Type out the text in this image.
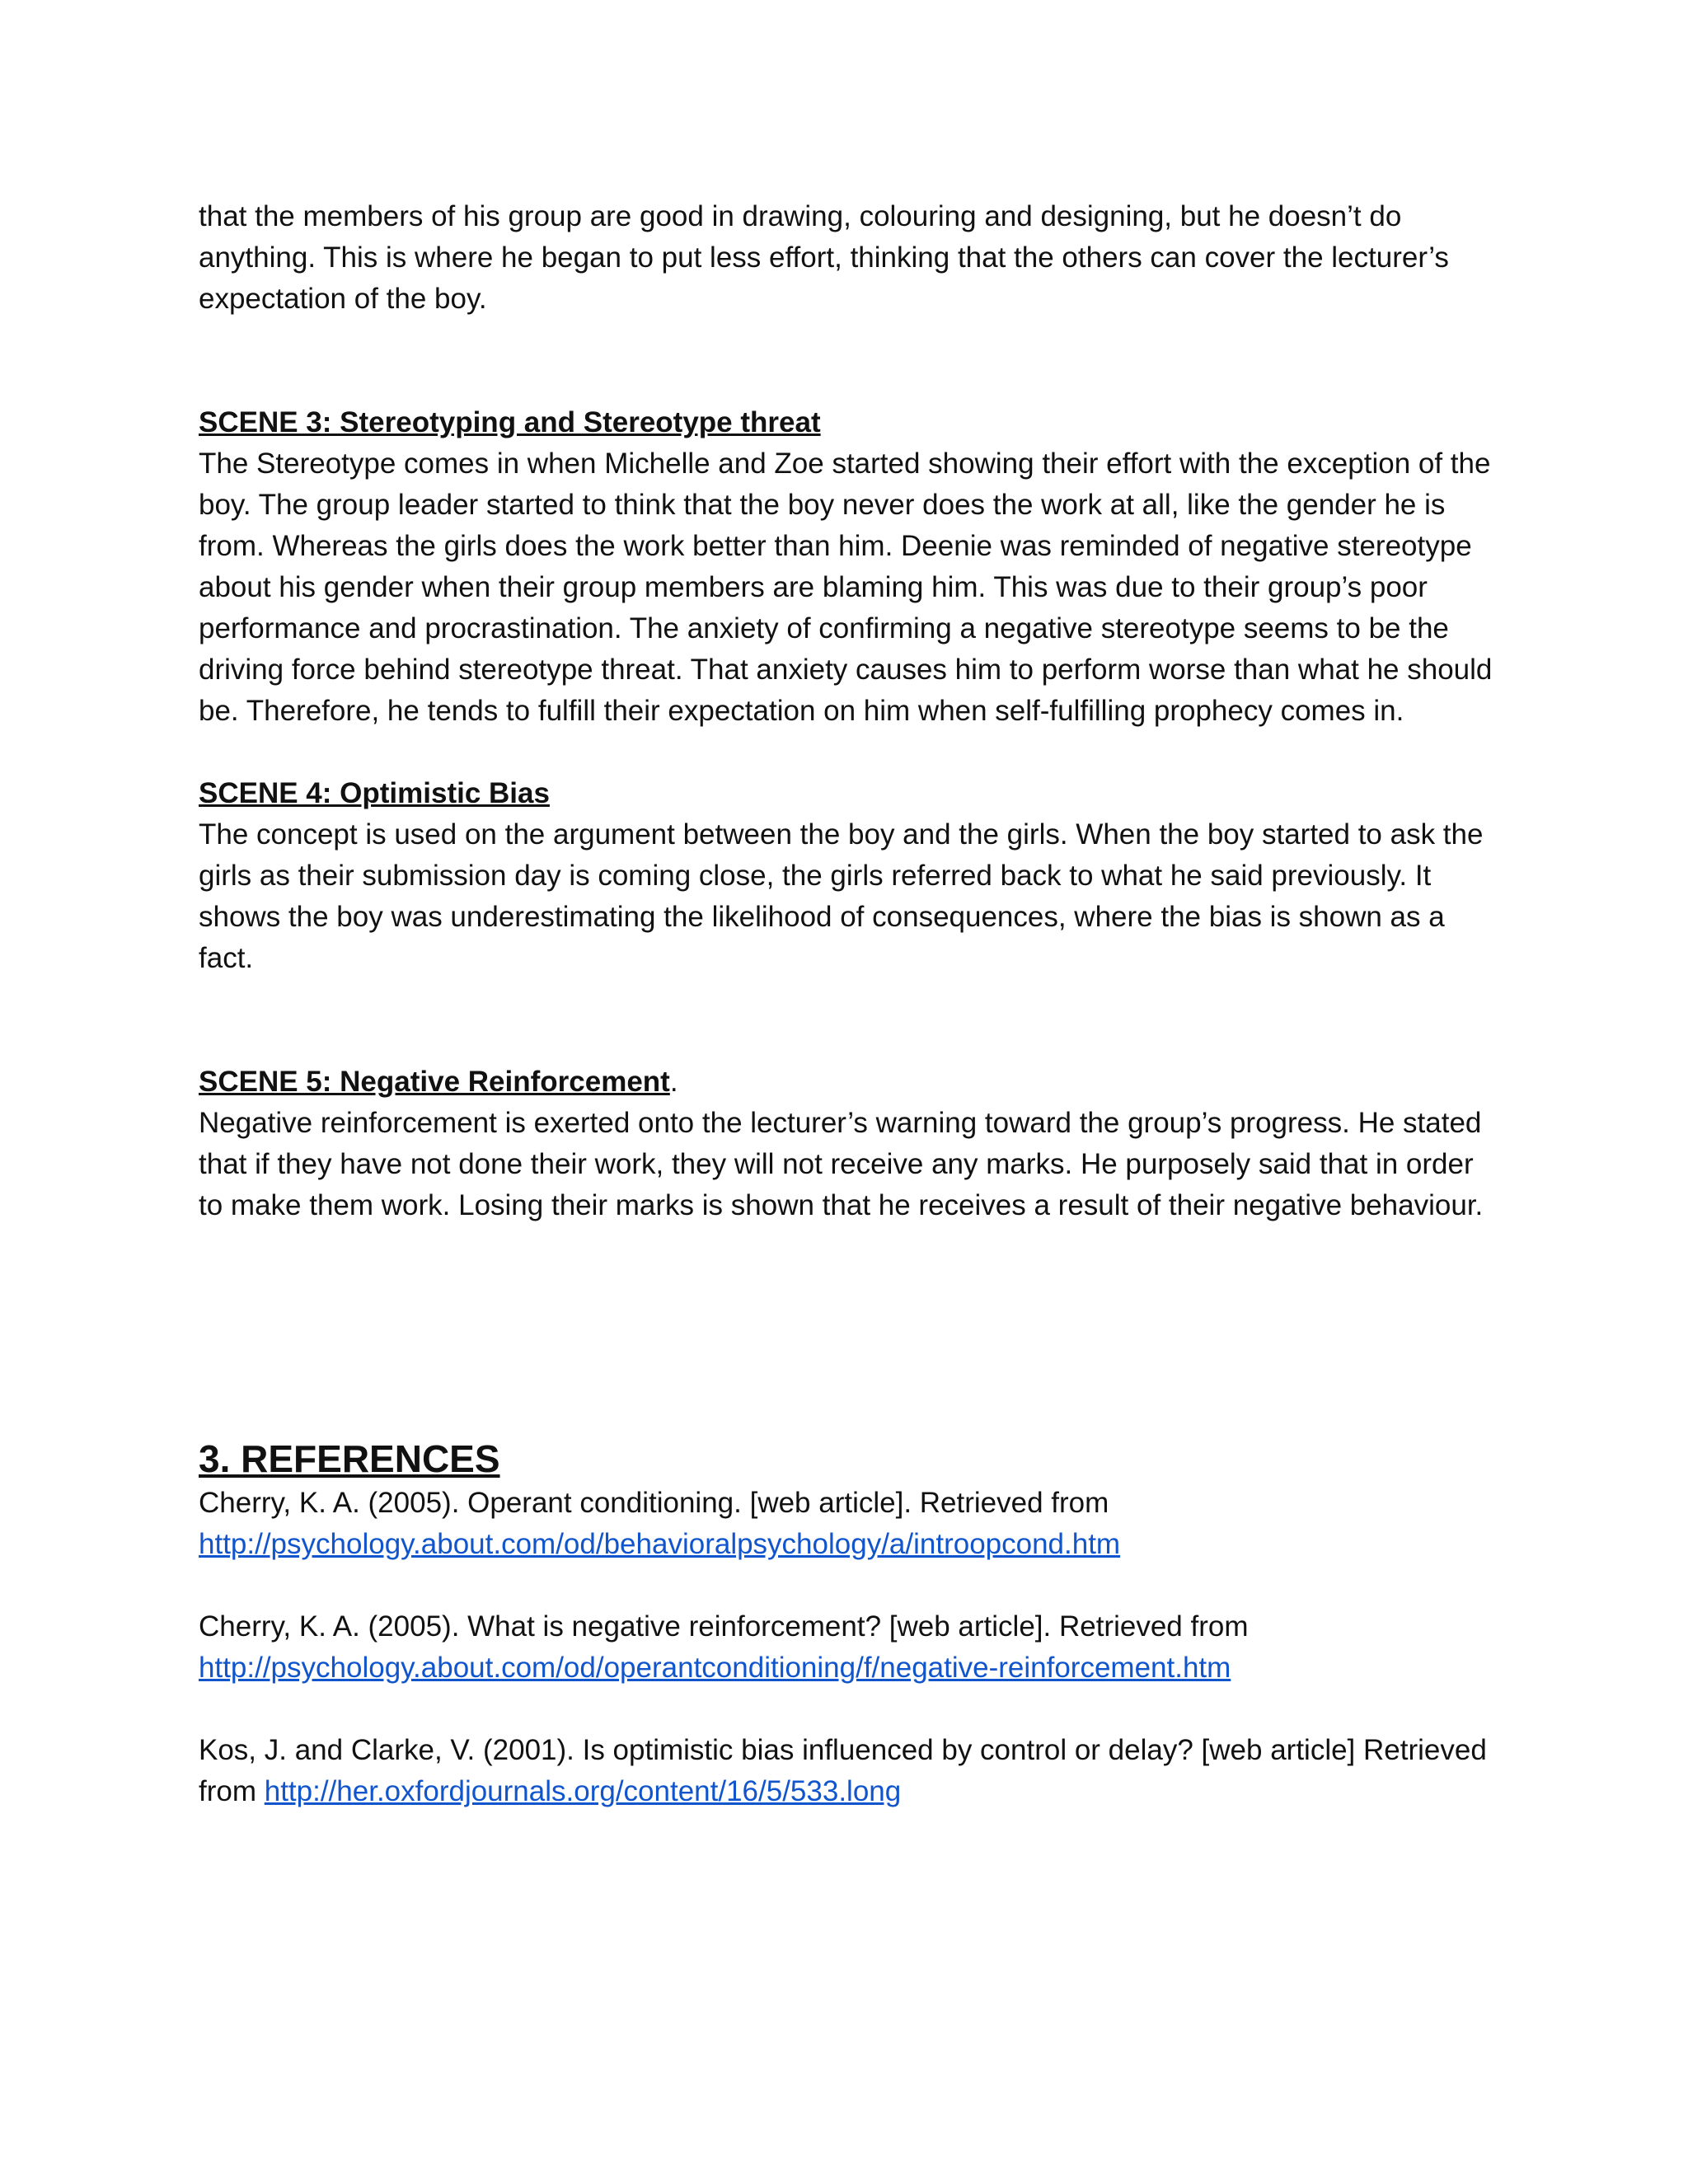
that the members of his group are good in drawing, colouring and designing, but he doesn’t do anything. This is where he began to put less effort, thinking that the others can cover the lecturer’s expectation of the boy.

SCENE 3: Stereotyping and Stereotype threat

The Stereotype comes in when Michelle and Zoe started showing their effort with the exception of the boy. The group leader started to think that the boy never does the work at all, like the gender he is from. Whereas the girls does the work better than him. Deenie was reminded of negative stereotype about his gender when their group members are blaming him. This was due to their group’s poor performance and procrastination. The anxiety of confirming a negative stereotype seems to be the driving force behind stereotype threat. That anxiety causes him to perform worse than what he should be. Therefore, he tends to fulfill their expectation on him when self-fulfilling prophecy comes in.

SCENE 4: Optimistic Bias

The concept is used on the argument between the boy and the girls. When the boy started to ask the girls as their submission day is coming close, the girls referred back to what he said previously. It shows the boy was underestimating the likelihood of consequences, where the bias is shown as a fact.

SCENE 5: Negative Reinforcement.

Negative reinforcement is exerted onto the lecturer’s warning toward the group’s progress. He stated that if they have not done their work, they will not receive any marks. He purposely said that in order to make them work. Losing their marks is shown that he receives a result of their negative behaviour.

3. REFERENCES

Cherry, K. A. (2005). Operant conditioning. [web article]. Retrieved from
http://psychology.about.com/od/behavioralpsychology/a/introopcond.htm

Cherry, K. A. (2005). What is negative reinforcement? [web article]. Retrieved from
http://psychology.about.com/od/operantconditioning/f/negative-reinforcement.htm

Kos, J. and Clarke, V. (2001). Is optimistic bias influenced by control or delay? [web article] Retrieved from http://her.oxfordjournals.org/content/16/5/533.long
